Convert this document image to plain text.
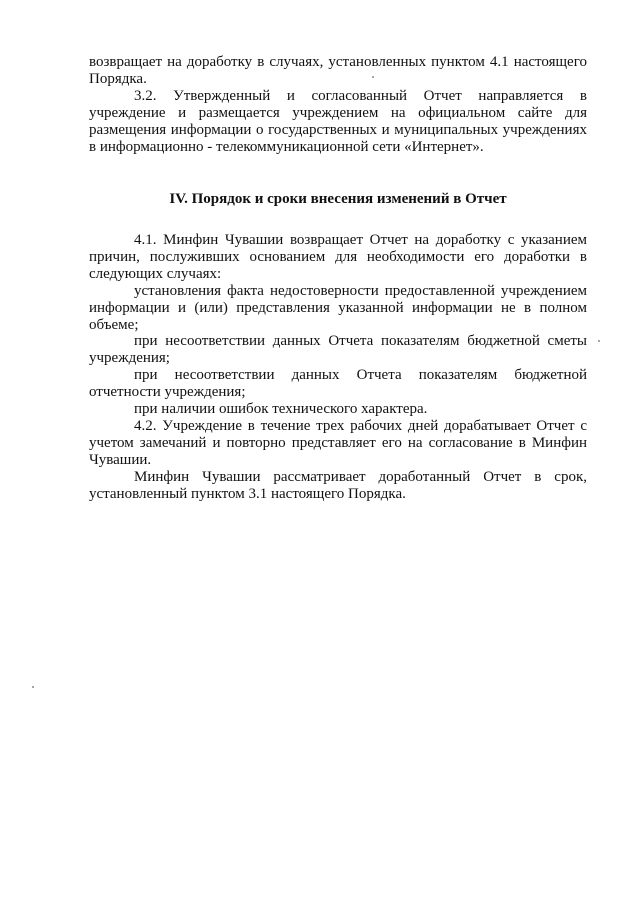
возвращает на доработку в случаях, установленных пунктом 4.1 настоящего Порядка.

3.2. Утвержденный и согласованный Отчет направляется в учреждение и размещается учреждением на официальном сайте для размещения информации о государственных и муниципальных учреждениях в информационно - телекоммуникационной сети «Интернет».

IV. Порядок и сроки внесения изменений в Отчет

4.1. Минфин Чувашии возвращает Отчет на доработку с указанием причин, послуживших основанием для необходимости его доработки в следующих случаях:

установления факта недостоверности предоставленной учреждением информации и (или) представления указанной информации не в полном объеме;

при несоответствии данных Отчета показателям бюджетной сметы учреждения;

при несоответствии данных Отчета показателям бюджетной отчетности учреждения;

при наличии ошибок технического характера.

4.2. Учреждение в течение трех рабочих дней дорабатывает Отчет с учетом замечаний и повторно представляет его на согласование в Минфин Чувашии.

Минфин Чувашии рассматривает доработанный Отчет в срок, установленный пунктом 3.1 настоящего Порядка.
